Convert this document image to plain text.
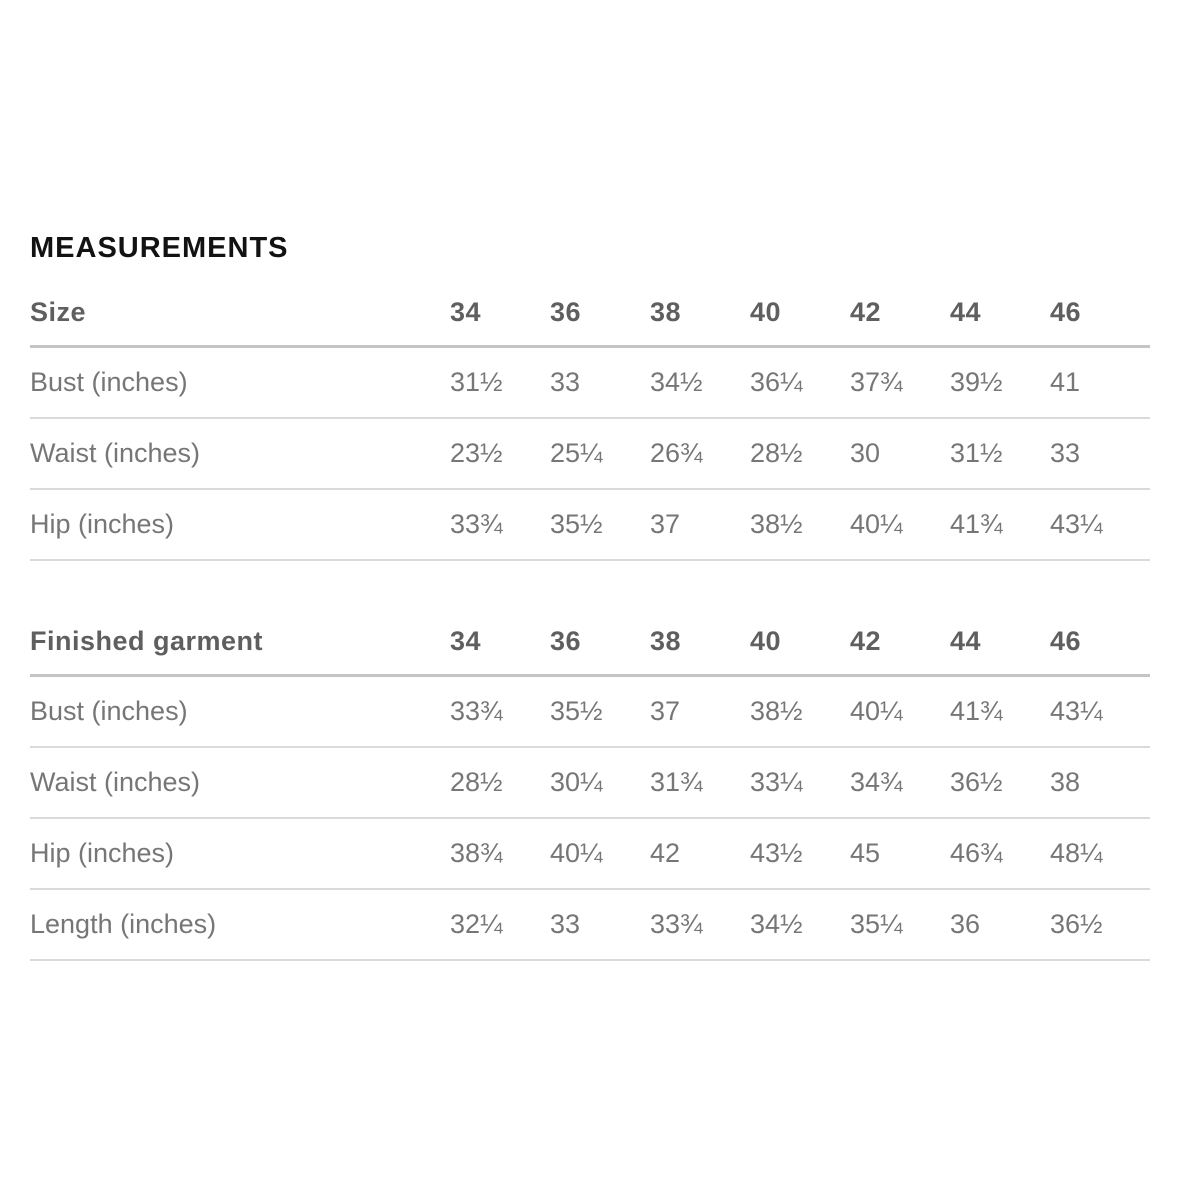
MEASUREMENTS
Size	34	36	38	40	42	44	46
Bust (inches)	31½	33	34½	36¼	37¾	39½	41
Waist (inches)	23½	25¼	26¾	28½	30	31½	33
Hip (inches)	33¾	35½	37	38½	40¼	41¾	43¼
Finished garment	34	36	38	40	42	44	46
Bust (inches)	33¾	35½	37	38½	40¼	41¾	43¼
Waist (inches)	28½	30¼	31¾	33¼	34¾	36½	38
Hip (inches)	38¾	40¼	42	43½	45	46¾	48¼
Length (inches)	32¼	33	33¾	34½	35¼	36	36½
